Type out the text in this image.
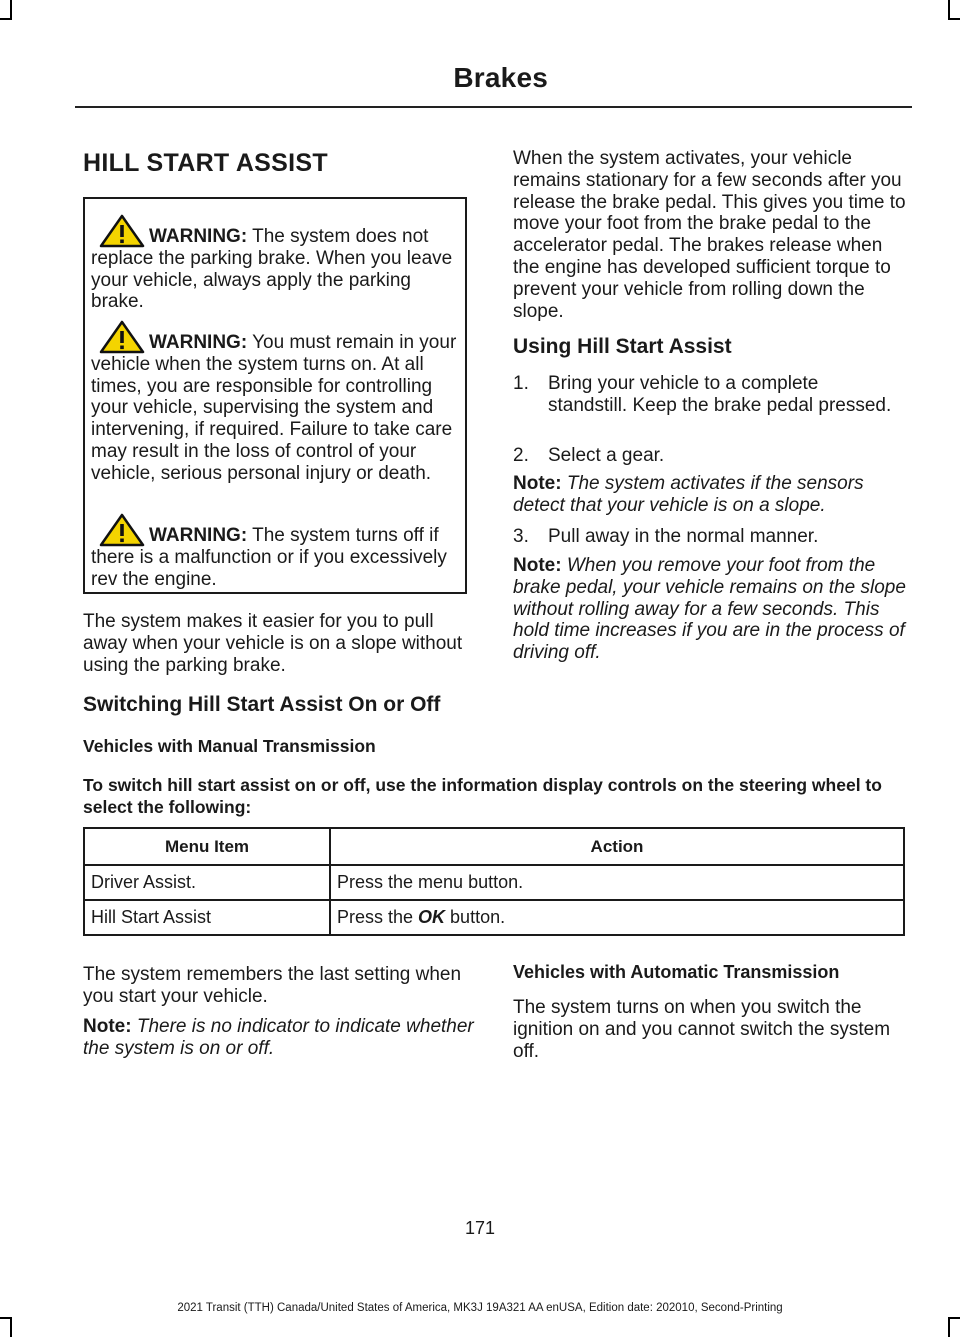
Brakes
HILL START ASSIST
WARNING: The system does not replace the parking brake. When you leave your vehicle, always apply the parking brake.
WARNING: You must remain in your vehicle when the system turns on. At all times, you are responsible for controlling your vehicle, supervising the system and intervening, if required. Failure to take care may result in the loss of control of your vehicle, serious personal injury or death.
WARNING: The system turns off if there is a malfunction or if you excessively rev the engine.

The system makes it easier for you to pull away when your vehicle is on a slope without using the parking brake.

When the system activates, your vehicle remains stationary for a few seconds after you release the brake pedal. This gives you time to move your foot from the brake pedal to the accelerator pedal. The brakes release when the engine has developed sufficient torque to prevent your vehicle from rolling down the slope.

Using Hill Start Assist
1. Bring your vehicle to a complete standstill. Keep the brake pedal pressed.
2. Select a gear.
Note: The system activates if the sensors detect that your vehicle is on a slope.
3. Pull away in the normal manner.
Note: When you remove your foot from the brake pedal, your vehicle remains on the slope without rolling away for a few seconds. This hold time increases if you are in the process of driving off.
Switching Hill Start Assist On or Off
Vehicles with Manual Transmission

To switch hill start assist on or off, use the information display controls on the steering wheel to select the following:

Menu Item	Action
Driver Assist.	Press the menu button.
Hill Start Assist	Press the OK button.

The system remembers the last setting when you start your vehicle.

Note: There is no indicator to indicate whether the system is on or off.
Vehicles with Automatic Transmission

The system turns on when you switch the ignition on and you cannot switch the system off.

171
2021 Transit (TTH) Canada/United States of America, MK3J 19A321 AA enUSA, Edition date: 202010, Second-Printing
